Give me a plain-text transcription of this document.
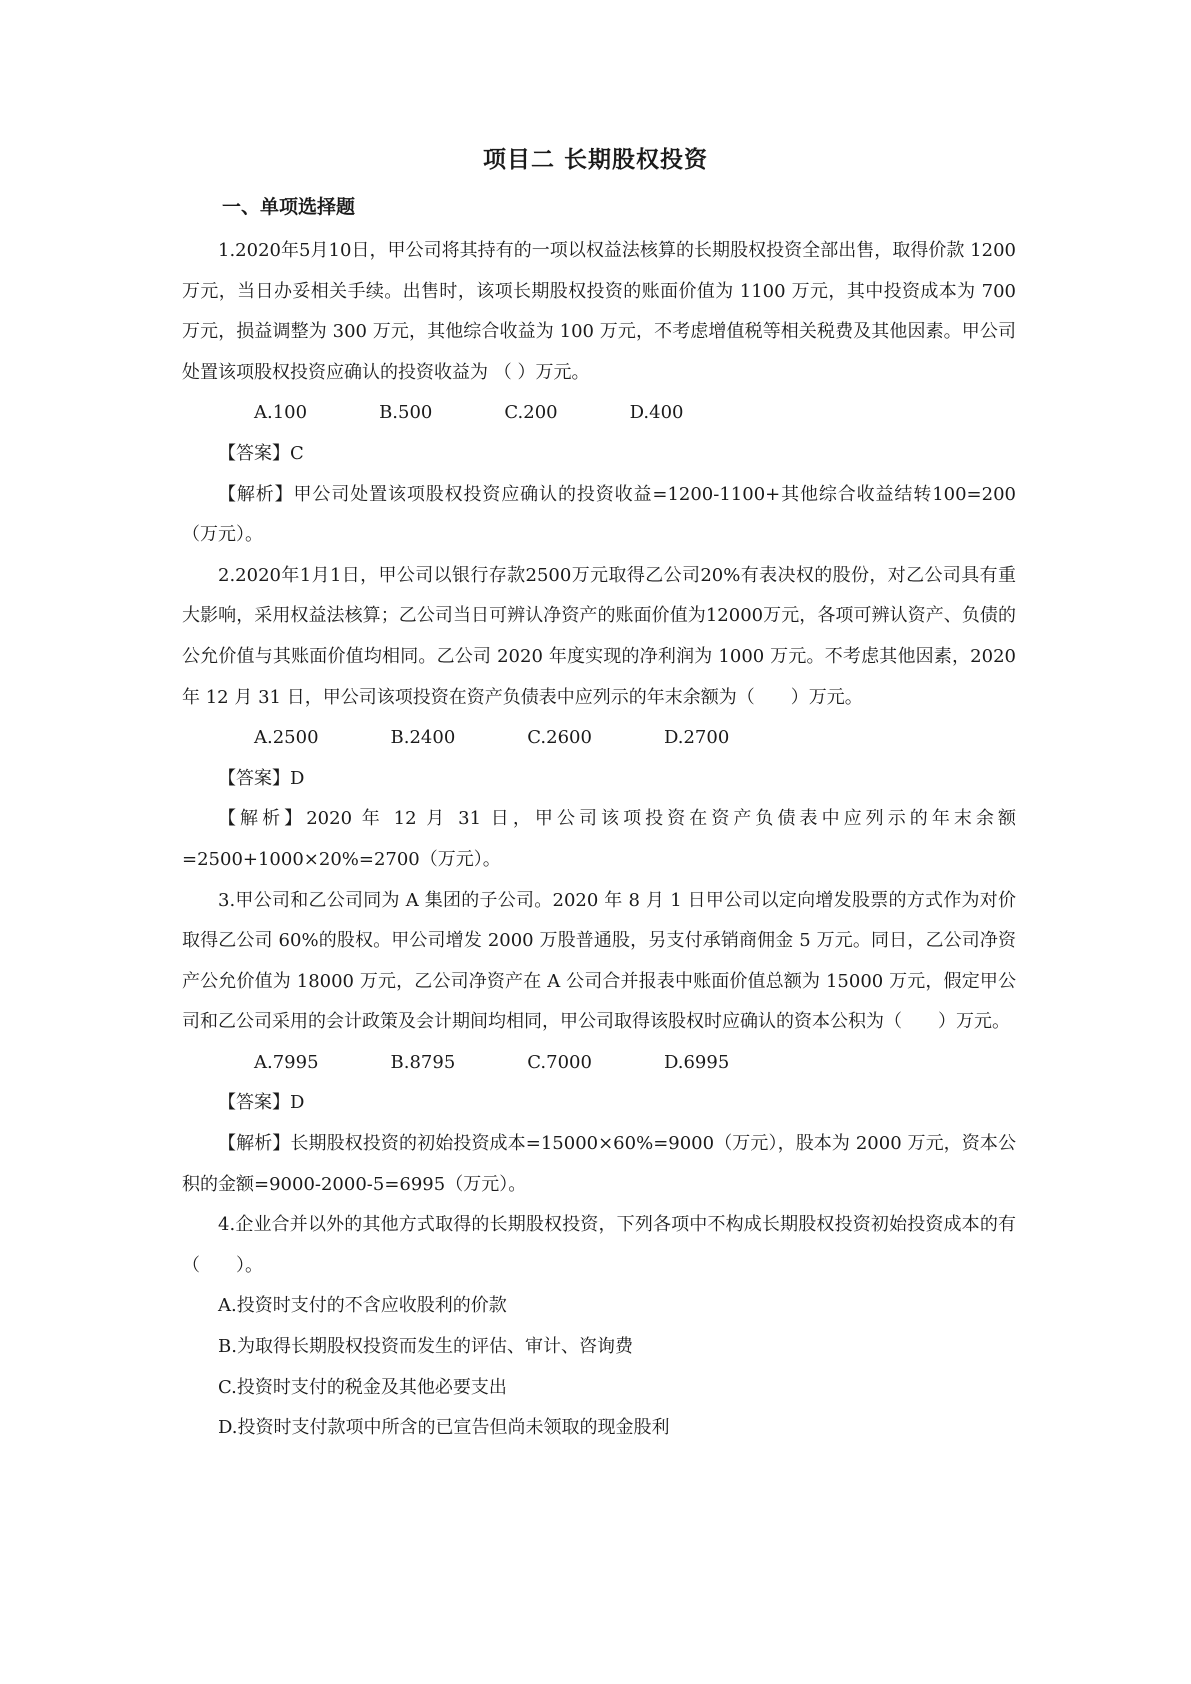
项目二 长期股权投资
一、单项选择题

1.2020年5月10日，甲公司将其持有的一项以权益法核算的长期股权投资全部出售，取得价款 1200 万元，当日办妥相关手续。出售时，该项长期股权投资的账面价值为 1100 万元，其中投资成本为 700 万元，损益调整为 300 万元，其他综合收益为 100 万元，不考虑增值税等相关税费及其他因素。甲公司处置该项股权投资应确认的投资收益为 （ ）万元。

A.100	B.500	C.200	D.400

【答案】C

【解析】甲公司处置该项股权投资应确认的投资收益=1200-1100+其他综合收益结转100=200（万元）。

2.2020年1月1日，甲公司以银行存款2500万元取得乙公司20%有表决权的股份，对乙公司具有重大影响，采用权益法核算；乙公司当日可辨认净资产的账面价值为12000万元，各项可辨认资产、负债的公允价值与其账面价值均相同。乙公司 2020 年度实现的净利润为 1000 万元。不考虑其他因素，2020 年 12 月 31 日，甲公司该项投资在资产负债表中应列示的年末余额为（　　）万元。

A.2500	B.2400	C.2600	D.2700

【答案】D

【解析】2020 年 12 月 31 日，甲公司该项投资在资产负债表中应列示的年末余额=2500+1000×20%=2700（万元）。

3.甲公司和乙公司同为 A 集团的子公司。2020 年 8 月 1 日甲公司以定向增发股票的方式作为对价取得乙公司 60%的股权。甲公司增发 2000 万股普通股，另支付承销商佣金 5 万元。同日，乙公司净资产公允价值为 18000 万元，乙公司净资产在 A 公司合并报表中账面价值总额为 15000 万元，假定甲公司和乙公司采用的会计政策及会计期间均相同，甲公司取得该股权时应确认的资本公积为（　　）万元。

A.7995	B.8795	C.7000	D.6995

【答案】D

【解析】长期股权投资的初始投资成本=15000×60%=9000（万元），股本为 2000 万元，资本公积的金额=9000-2000-5=6995（万元）。

4.企业合并以外的其他方式取得的长期股权投资，下列各项中不构成长期股权投资初始投资成本的有（　　）。

A.投资时支付的不含应收股利的价款

B.为取得长期股权投资而发生的评估、审计、咨询费

C.投资时支付的税金及其他必要支出

D.投资时支付款项中所含的已宣告但尚未领取的现金股利
